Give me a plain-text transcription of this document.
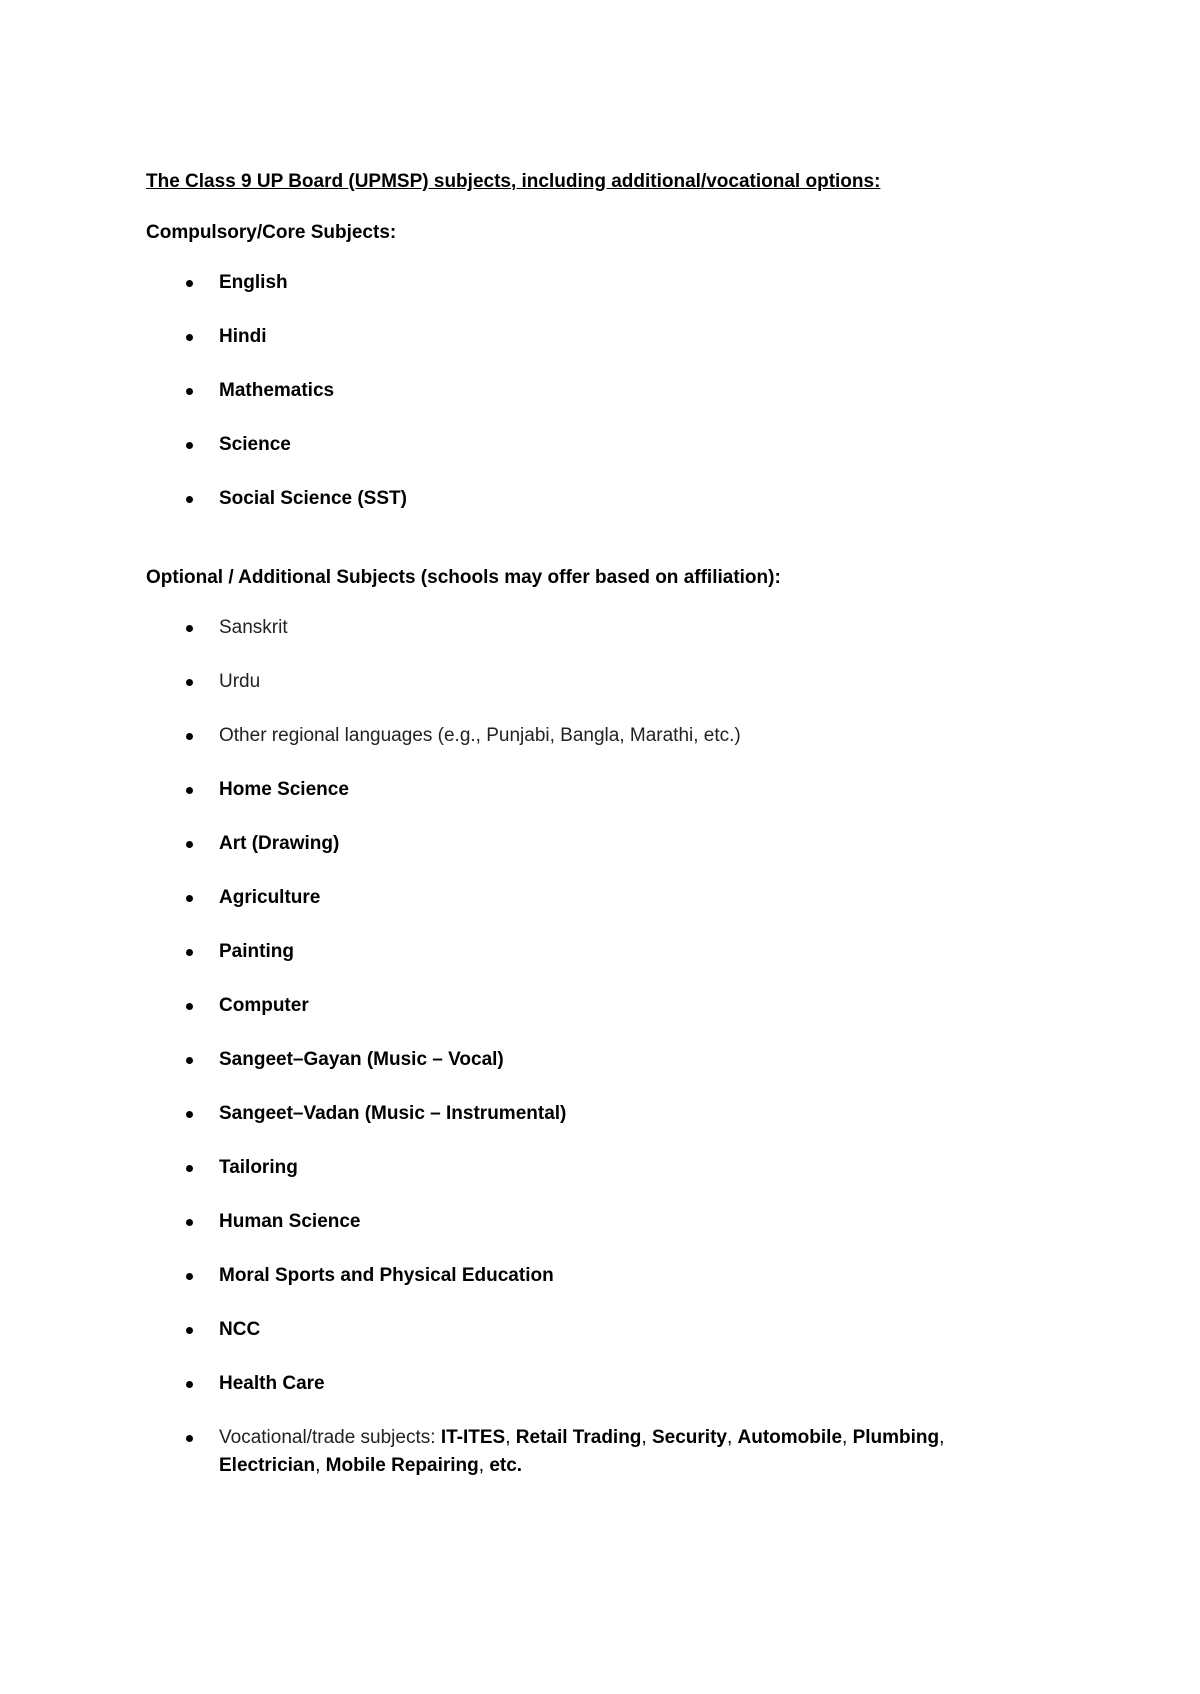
The Class 9 UP Board (UPMSP) subjects, including additional/vocational options:

Compulsory/Core Subjects:

English
Hindi
Mathematics
Science
Social Science (SST)

Optional / Additional Subjects (schools may offer based on affiliation):

Sanskrit
Urdu
Other regional languages (e.g., Punjabi, Bangla, Marathi, etc.)
Home Science
Art (Drawing)
Agriculture
Painting
Computer
Sangeet–Gayan (Music – Vocal)
Sangeet–Vadan (Music – Instrumental)
Tailoring
Human Science
Moral Sports and Physical Education
NCC
Health Care
Vocational/trade subjects: IT-ITES, Retail Trading, Security, Automobile, Plumbing, Electrician, Mobile Repairing, etc.
